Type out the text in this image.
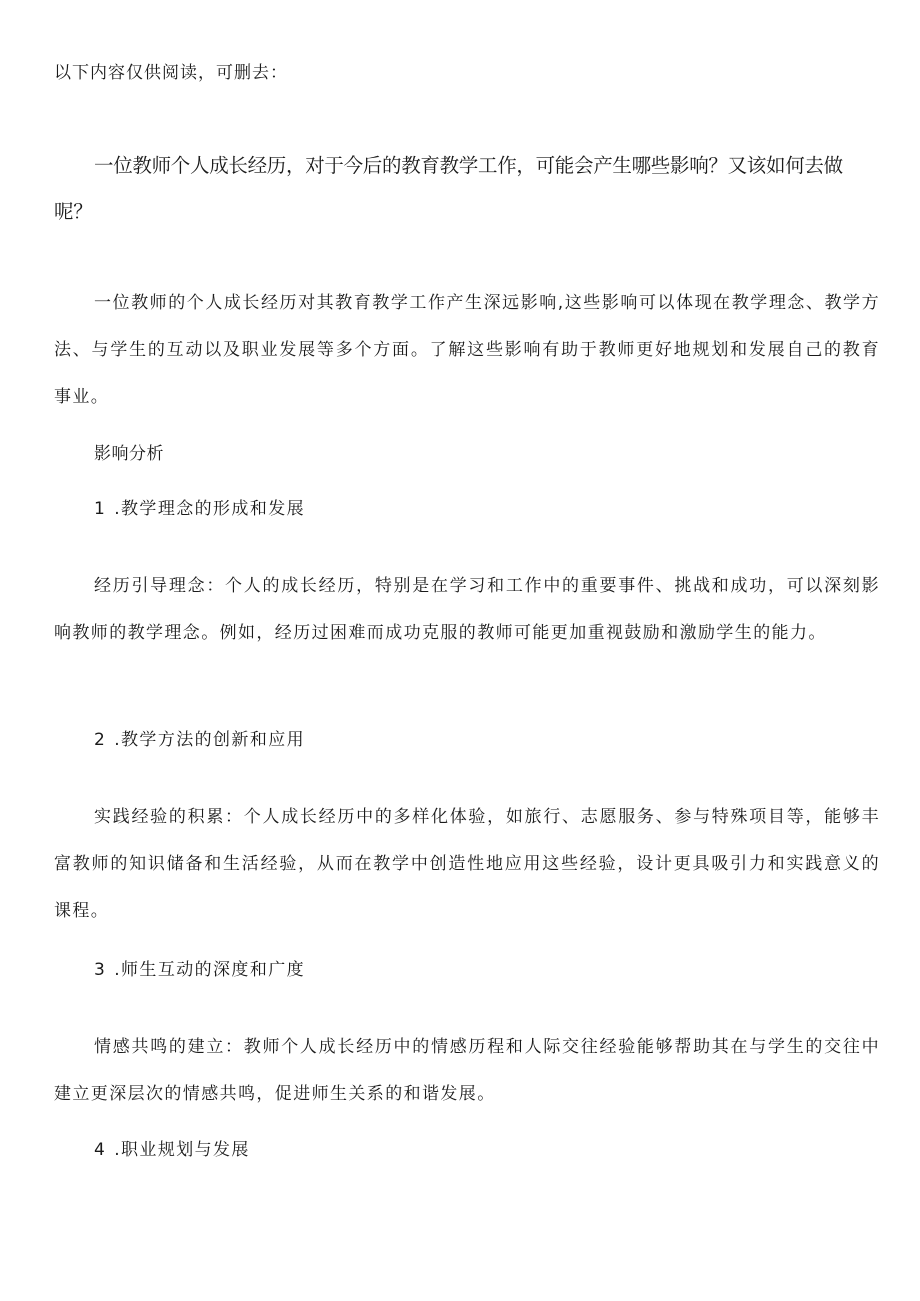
以下内容仅供阅读，可删去：
一位教师个人成长经历，对于今后的教育教学工作，可能会产生哪些影响？又该如何去做呢？

一位教师的个人成长经历对其教育教学工作产生深远影响,这些影响可以体现在教学理念、教学方法、与学生的互动以及职业发展等多个方面。了解这些影响有助于教师更好地规划和发展自己的教育事业。

影响分析
1 .教学理念的形成和发展

经历引导理念：个人的成长经历，特别是在学习和工作中的重要事件、挑战和成功，可以深刻影响教师的教学理念。例如，经历过困难而成功克服的教师可能更加重视鼓励和激励学生的能力。

2 .教学方法的创新和应用

实践经验的积累：个人成长经历中的多样化体验，如旅行、志愿服务、参与特殊项目等，能够丰富教师的知识储备和生活经验，从而在教学中创造性地应用这些经验，设计更具吸引力和实践意义的课程。

3 .师生互动的深度和广度

情感共鸣的建立：教师个人成长经历中的情感历程和人际交往经验能够帮助其在与学生的交往中建立更深层次的情感共鸣，促进师生关系的和谐发展。

4 .职业规划与发展
